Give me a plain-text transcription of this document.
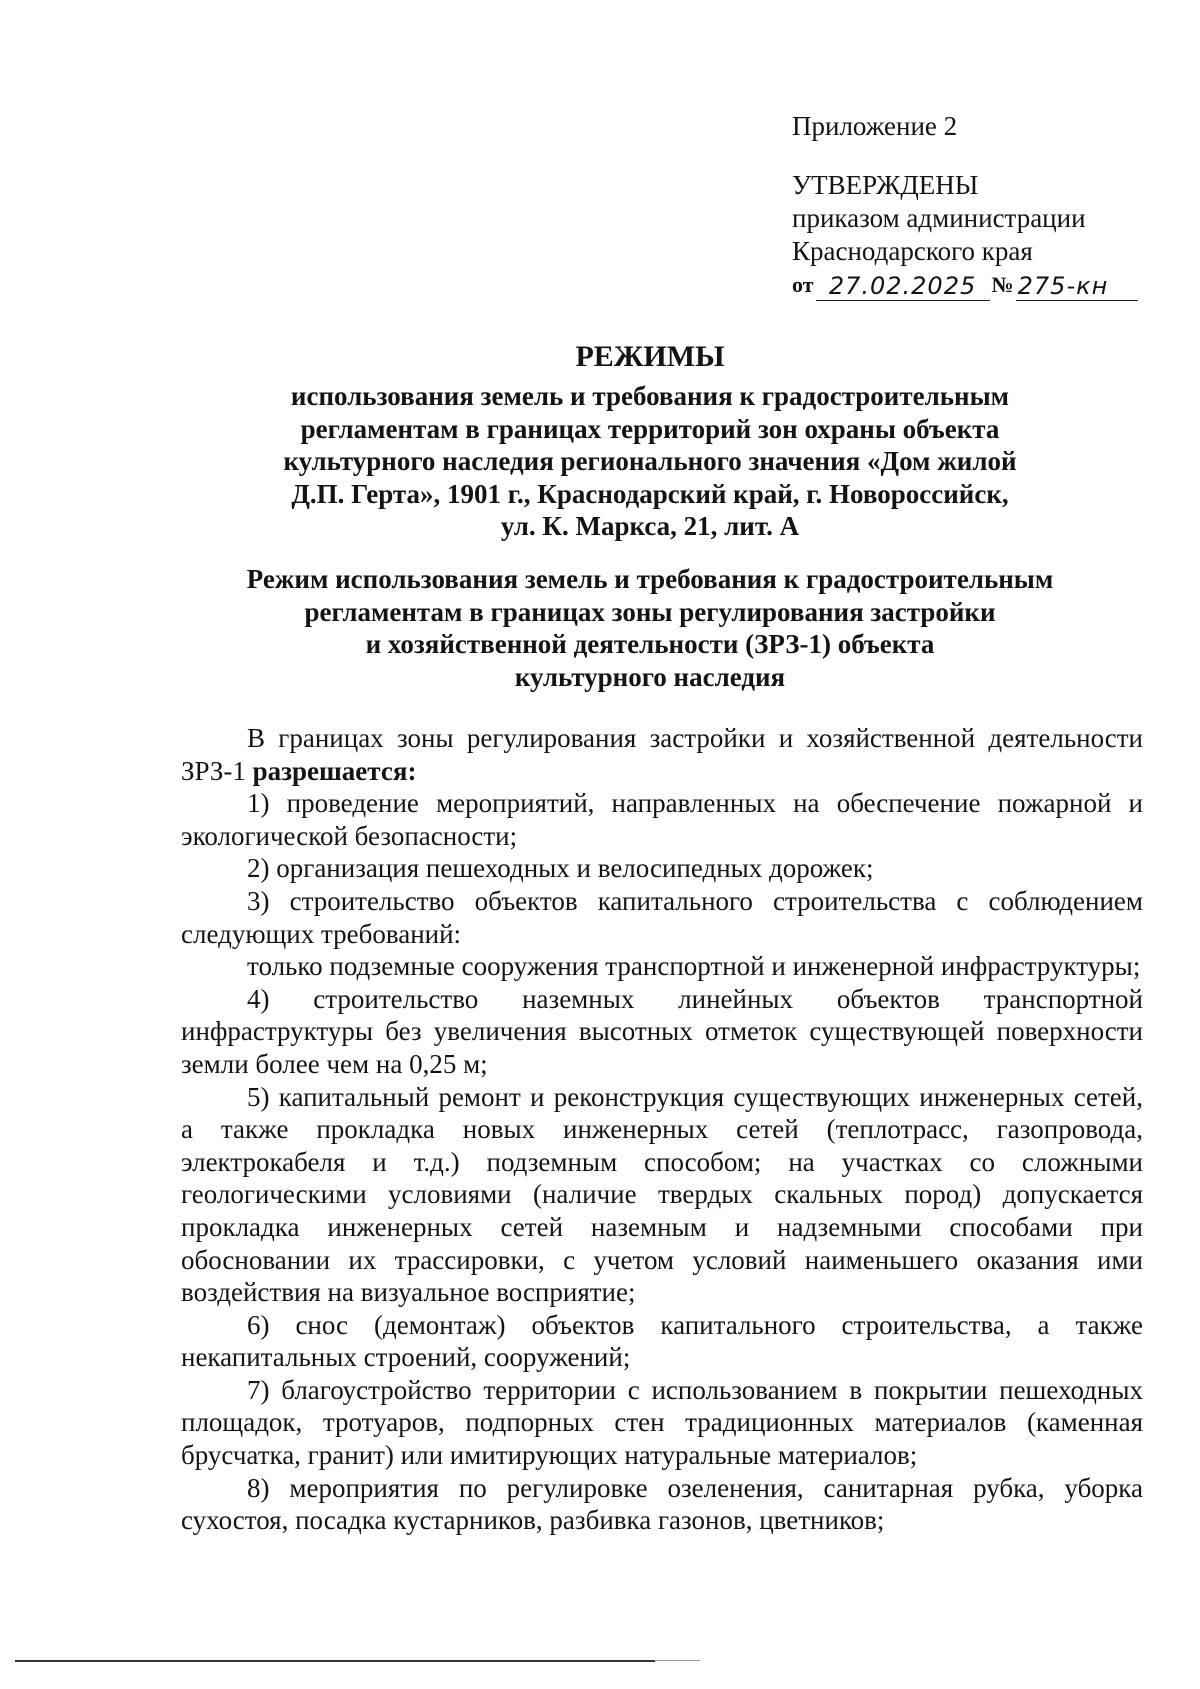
Приложение 2
УТВЕРЖДЕНЫ
приказом администрации
Краснодарского края
от 27.02.2025 № 275-кн
РЕЖИМЫ
использования земель и требования к градостроительным
регламентам в границах территорий зон охраны объекта
культурного наследия регионального значения «Дом жилой
Д.П. Герта», 1901 г., Краснодарский край, г. Новороссийск,
ул. К. Маркса, 21, лит. А
Режим использования земель и требования к градостроительным
регламентам в границах зоны регулирования застройки
и хозяйственной деятельности (ЗРЗ-1) объекта
культурного наследия

В границах зоны регулирования застройки и хозяйственной деятельности ЗРЗ-1 разрешается:

1) проведение мероприятий, направленных на обеспечение пожарной и экологической безопасности;

2) организация пешеходных и велосипедных дорожек;

3) строительство объектов капитального строительства с соблюдением следующих требований:

только подземные сооружения транспортной и инженерной инфраструктуры;

4) строительство наземных линейных объектов транспортной инфраструктуры без увеличения высотных отметок существующей поверхности земли более чем на 0,25 м;

5) капитальный ремонт и реконструкция существующих инженерных сетей, а также прокладка новых инженерных сетей (теплотрасс, газопровода, электрокабеля и т.д.) подземным способом; на участках со сложными геологическими условиями (наличие твердых скальных пород) допускается прокладка инженерных сетей наземным и надземными способами при обосновании их трассировки, с учетом условий наименьшего оказания ими воздействия на визуальное восприятие;

6) снос (демонтаж) объектов капитального строительства, а также некапитальных строений, сооружений;

7) благоустройство территории с использованием в покрытии пешеходных площадок, тротуаров, подпорных стен традиционных материалов (каменная брусчатка, гранит) или имитирующих натуральные материалов;

8) мероприятия по регулировке озеленения, санитарная рубка, уборка сухостоя, посадка кустарников, разбивка газонов, цветников;
